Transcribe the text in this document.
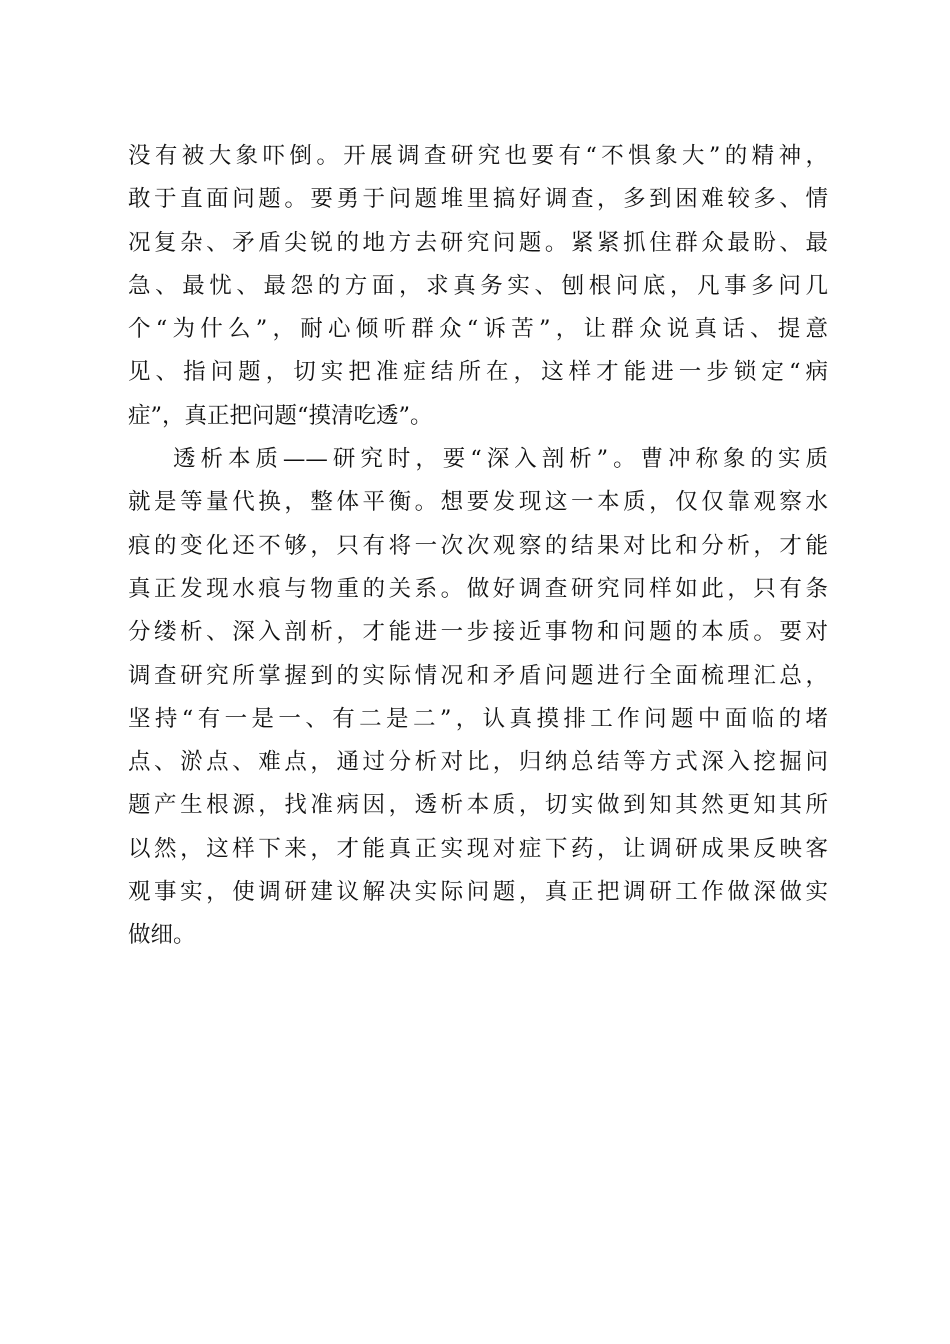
没有被大象吓倒。开展调查研究也要有“不惧象大”的精神，
敢于直面问题。要勇于问题堆里搞好调查，多到困难较多、情
况复杂、矛盾尖锐的地方去研究问题。紧紧抓住群众最盼、最
急、最忧、最怨的方面，求真务实、刨根问底，凡事多问几
个“为什么”，耐心倾听群众“诉苦”，让群众说真话、提意
见、指问题，切实把准症结所在，这样才能进一步锁定“病
症”，真正把问题“摸清吃透”。
透析本质——研究时，要“深入剖析”。曹冲称象的实质
就是等量代换，整体平衡。想要发现这一本质，仅仅靠观察水
痕的变化还不够，只有将一次次观察的结果对比和分析，才能
真正发现水痕与物重的关系。做好调查研究同样如此，只有条
分缕析、深入剖析，才能进一步接近事物和问题的本质。要对
调查研究所掌握到的实际情况和矛盾问题进行全面梳理汇总，
坚持“有一是一、有二是二”，认真摸排工作问题中面临的堵
点、淤点、难点，通过分析对比，归纳总结等方式深入挖掘问
题产生根源，找准病因，透析本质，切实做到知其然更知其所
以然，这样下来，才能真正实现对症下药，让调研成果反映客
观事实，使调研建议解决实际问题，真正把调研工作做深做实
做细。
